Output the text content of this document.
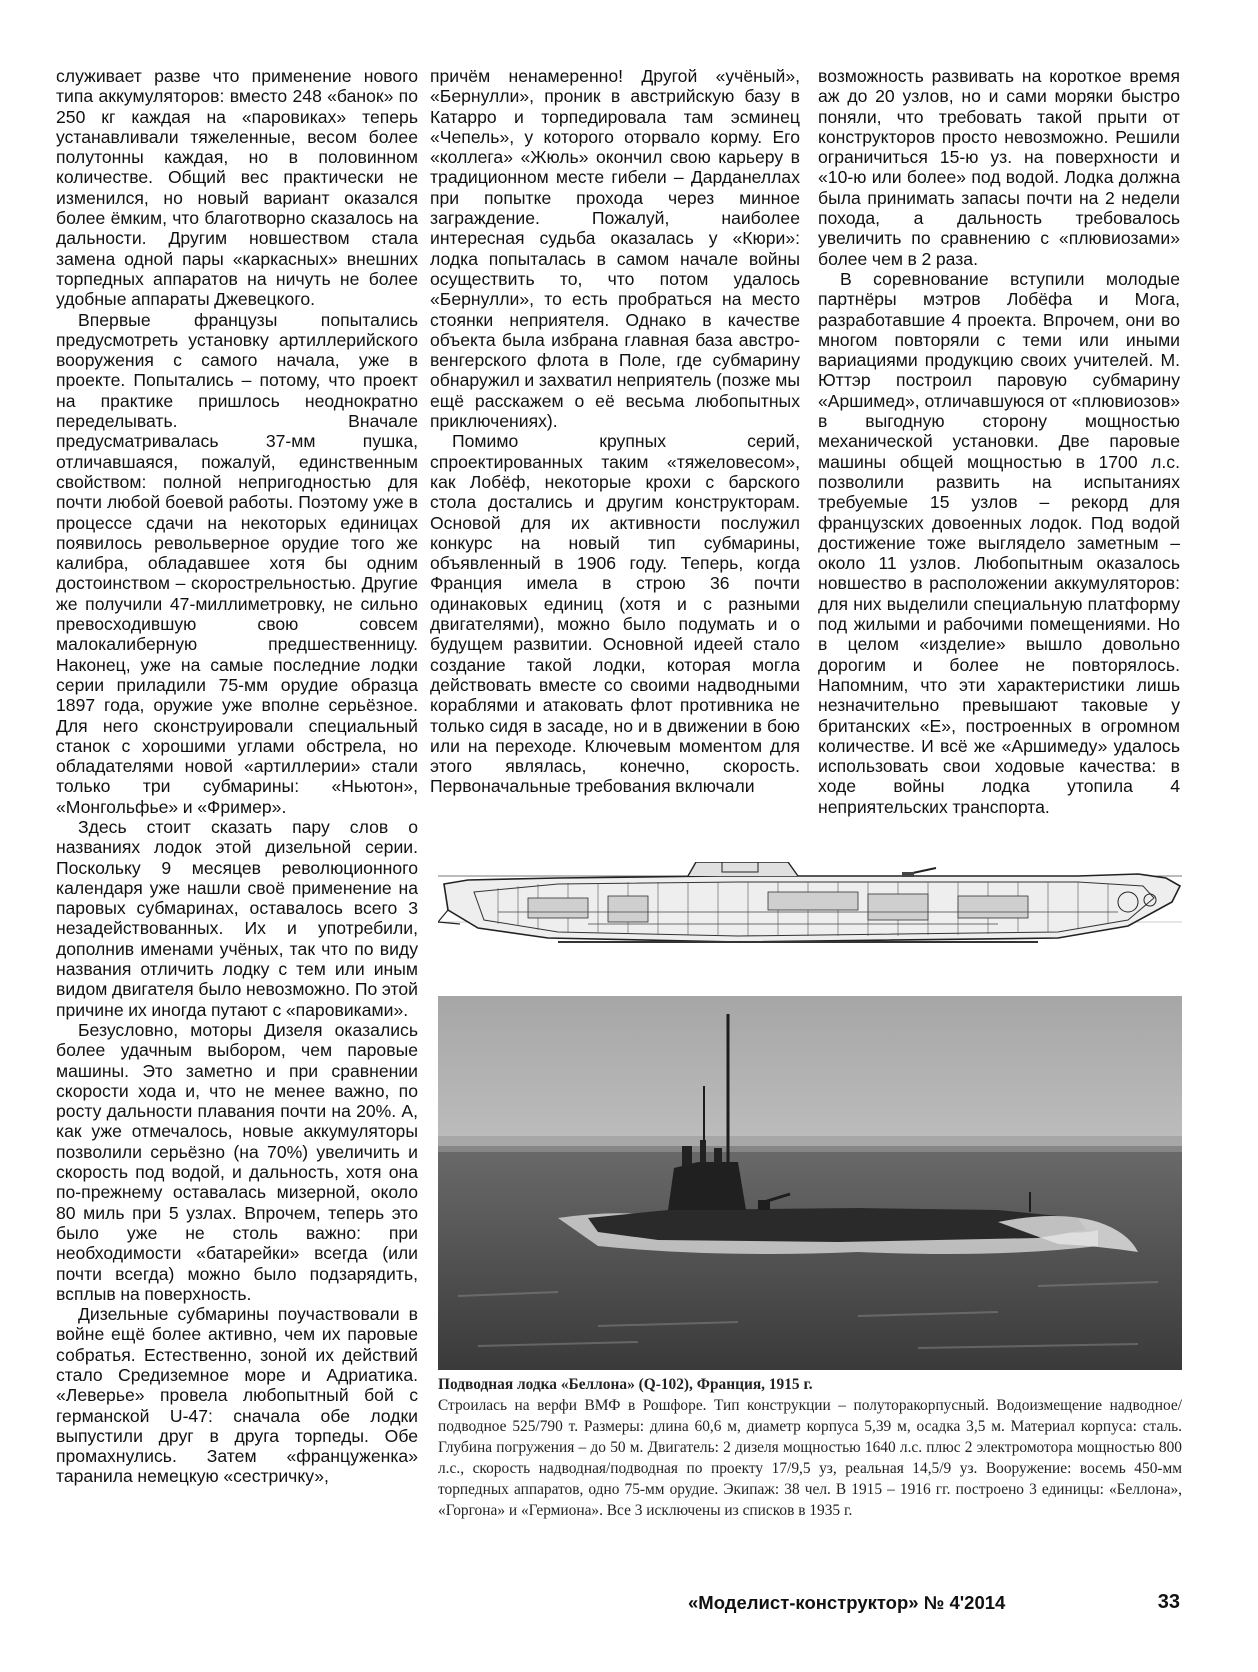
служивает разве что применение нового типа аккумуляторов: вместо 248 «банок» по 250 кг каждая на «паровиках» теперь устанавливали тяжеленные, весом более полутонны каждая, но в половинном количестве. Общий вес практически не изменился, но новый вариант оказался более ёмким, что благотворно сказалось на дальности. Другим новшеством стала замена одной пары «каркасных» внешних торпедных аппаратов на ничуть не более удобные аппараты Джевецкого.

Впервые французы попытались предусмотреть установку артиллерийского вооружения с самого начала, уже в проекте. Попытались – потому, что проект на практике пришлось неоднократно переделывать. Вначале предусматривалась 37-мм пушка, отличавшаяся, пожалуй, единственным свойством: полной непригодностью для почти любой боевой работы. Поэтому уже в процессе сдачи на некоторых единицах появилось револьверное орудие того же калибра, обладавшее хотя бы одним достоинством – скорострельностью. Другие же получили 47-миллиметровку, не сильно превосходившую свою совсем малокалиберную предшественницу. Наконец, уже на самые последние лодки серии приладили 75-мм орудие образца 1897 года, оружие уже вполне серьёзное. Для него сконструировали специальный станок с хорошими углами обстрела, но обладателями новой «артиллерии» стали только три субмарины: «Ньютон», «Монгольфье» и «Фример».

Здесь стоит сказать пару слов о названиях лодок этой дизельной серии. Поскольку 9 месяцев революционного календаря уже нашли своё применение на паровых субмаринах, оставалось всего 3 незадействованных. Их и употребили, дополнив именами учёных, так что по виду названия отличить лодку с тем или иным видом двигателя было невозможно. По этой причине их иногда путают с «паровиками».

Безусловно, моторы Дизеля оказались более удачным выбором, чем паровые машины. Это заметно и при сравнении скорости хода и, что не менее важно, по росту дальности плавания почти на 20%. А, как уже отмечалось, новые аккумуляторы позволили серьёзно (на 70%) увеличить и скорость под водой, и дальность, хотя она по-прежнему оставалась мизерной, около 80 миль при 5 узлах. Впрочем, теперь это было уже не столь важно: при необходимости «батарейки» всегда (или почти всегда) можно было подзарядить, всплыв на поверхность.

Дизельные субмарины поучаствовали в войне ещё более активно, чем их паровые собратья. Естественно, зоной их действий стало Средиземное море и Адриатика. «Леверье» провела любопытный бой с германской U-47: сначала обе лодки выпустили друг в друга торпеды. Обе промахнулись. Затем «француженка» таранила немецкую «сестричку»,

причём ненамеренно! Другой «учёный», «Бернулли», проник в австрийскую базу в Катарро и торпедировала там эсминец «Чепель», у которого оторвало корму. Его «коллега» «Жюль» окончил свою карьеру в традиционном месте гибели – Дарданеллах при попытке прохода через минное заграждение. Пожалуй, наиболее интересная судьба оказалась у «Кюри»: лодка попыталась в самом начале войны осуществить то, что потом удалось «Бернулли», то есть пробраться на место стоянки неприятеля. Однако в качестве объекта была избрана главная база австро-венгерского флота в Поле, где субмарину обнаружил и захватил неприятель (позже мы ещё расскажем о её весьма любопытных приключениях).

Помимо крупных серий, спроектированных таким «тяжеловесом», как Лобёф, некоторые крохи с барского стола достались и другим конструкторам. Основой для их активности послужил конкурс на новый тип субмарины, объявленный в 1906 году. Теперь, когда Франция имела в строю 36 почти одинаковых единиц (хотя и с разными двигателями), можно было подумать и о будущем развитии. Основной идеей стало создание такой лодки, которая могла действовать вместе со своими надводными кораблями и атаковать флот противника не только сидя в засаде, но и в движении в бою или на переходе. Ключевым моментом для этого являлась, конечно, скорость. Первоначальные требования включали

возможность развивать на короткое время аж до 20 узлов, но и сами моряки быстро поняли, что требовать такой прыти от конструкторов просто невозможно. Решили ограничиться 15-ю уз. на поверхности и «10-ю или более» под водой. Лодка должна была принимать запасы почти на 2 недели похода, а дальность требовалось увеличить по сравнению с «плювиозами» более чем в 2 раза.

В соревнование вступили молодые партнёры мэтров Лобёфа и Мога, разработавшие 4 проекта. Впрочем, они во многом повторяли с теми или иными вариациями продукцию своих учителей. М. Юттэр построил паровую субмарину «Аршимед», отличавшуюся от «плювиозов» в выгодную сторону мощностью механической установки. Две паровые машины общей мощностью в 1700 л.с. позволили развить на испытаниях требуемые 15 узлов – рекорд для французских довоенных лодок. Под водой достижение тоже выглядело заметным – около 11 узлов. Любопытным оказалось новшество в расположении аккумуляторов: для них выделили специальную платформу под жилыми и рабочими помещениями. Но в целом «изделие» вышло довольно дорогим и более не повторялось. Напомним, что эти характеристики лишь незначительно превышают таковые у британских «Е», построенных в огромном количестве. И всё же «Аршимеду» удалось использовать свои ходовые качества: в ходе войны лодка утопила 4 неприятельских транспорта.

Подводная лодка «Беллона» (Q-102), Франция, 1915 г.
Строилась на верфи ВМФ в Рошфоре. Тип конструкции – полуторакорпусный. Водоизмещение надводное/подводное 525/790 т. Размеры: длина 60,6 м, диаметр корпуса 5,39 м, осадка 3,5 м. Материал корпуса: сталь. Глубина погружения – до 50 м. Двигатель: 2 дизеля мощностью 1640 л.с. плюс 2 электромотора мощностью 800 л.с., скорость надводная/подводная по проекту 17/9,5 уз, реальная 14,5/9 уз. Вооружение: восемь 450-мм торпедных аппаратов, одно 75-мм орудие. Экипаж: 38 чел. В 1915 – 1916 гг. построено 3 единицы: «Беллона», «Горгона» и «Гермиона». Все 3 исключены из списков в 1935 г.
«Моделист-конструктор» № 4'2014	33
